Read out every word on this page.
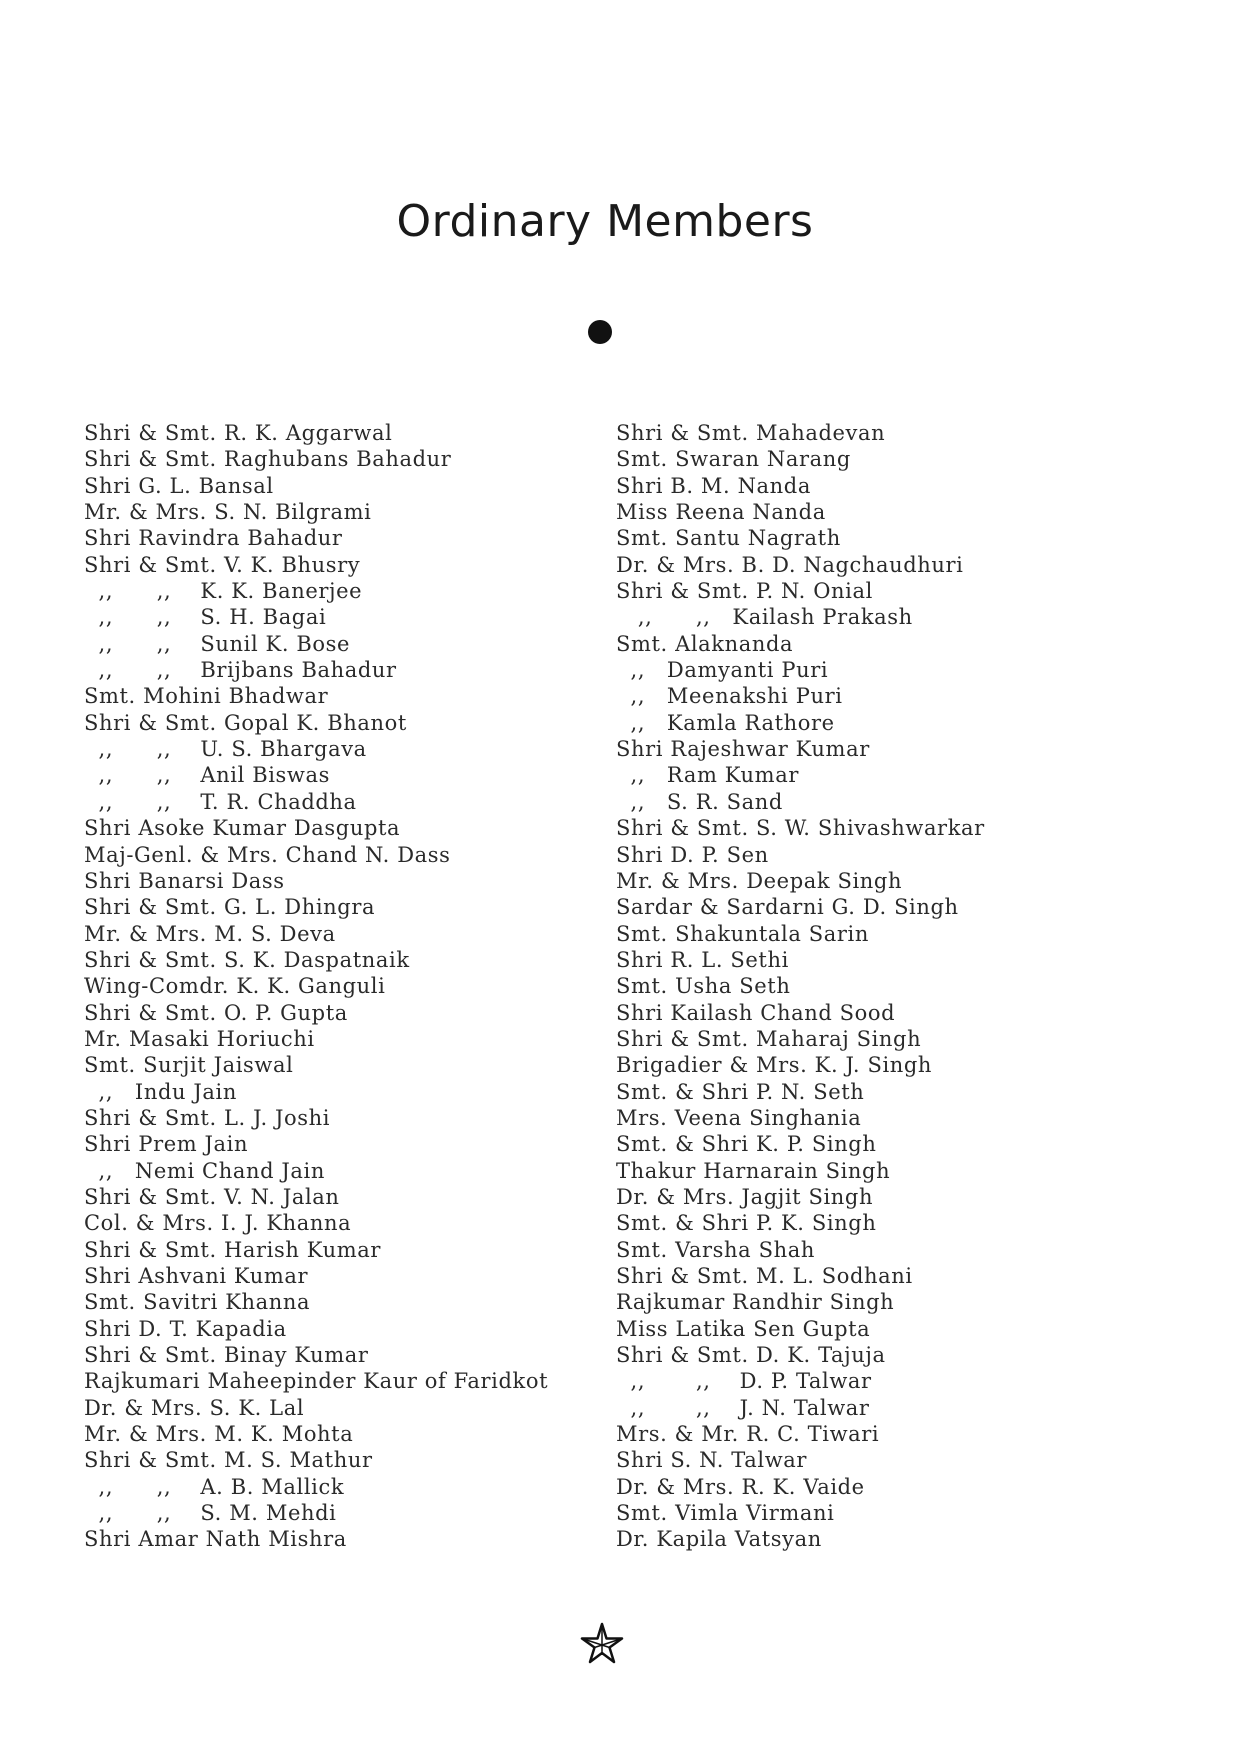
Ordinary Members
Shri & Smt. R. K. Aggarwal
Shri & Smt. Raghubans Bahadur
Shri G. L. Bansal
Mr. & Mrs. S. N. Bilgrami
Shri Ravindra Bahadur
Shri & Smt. V. K. Bhusry
,,      ,,    K. K. Banerjee
,,      ,,    S. H. Bagai
,,      ,,    Sunil K. Bose
,,      ,,    Brijbans Bahadur
Smt. Mohini Bhadwar
Shri & Smt. Gopal K. Bhanot
,,      ,,    U. S. Bhargava
,,      ,,    Anil Biswas
,,      ,,    T. R. Chaddha
Shri Asoke Kumar Dasgupta
Maj-Genl. & Mrs. Chand N. Dass
Shri Banarsi Dass
Shri & Smt. G. L. Dhingra
Mr. & Mrs. M. S. Deva
Shri & Smt. S. K. Daspatnaik
Wing-Comdr. K. K. Ganguli
Shri & Smt. O. P. Gupta
Mr. Masaki Horiuchi
Smt. Surjit Jaiswal
,,   Indu Jain
Shri & Smt. L. J. Joshi
Shri Prem Jain
,,   Nemi Chand Jain
Shri & Smt. V. N. Jalan
Col. & Mrs. I. J. Khanna
Shri & Smt. Harish Kumar
Shri Ashvani Kumar
Smt. Savitri Khanna
Shri D. T. Kapadia
Shri & Smt. Binay Kumar
Rajkumari Maheepinder Kaur of Faridkot
Dr. & Mrs. S. K. Lal
Mr. & Mrs. M. K. Mohta
Shri & Smt. M. S. Mathur
,,      ,,    A. B. Mallick
,,      ,,    S. M. Mehdi
Shri Amar Nath Mishra
Shri & Smt. Mahadevan
Smt. Swaran Narang
Shri B. M. Nanda
Miss Reena Nanda
Smt. Santu Nagrath
Dr. & Mrs. B. D. Nagchaudhuri
Shri & Smt. P. N. Onial
,,      ,,   Kailash Prakash
Smt. Alaknanda
,,   Damyanti Puri
,,   Meenakshi Puri
,,   Kamla Rathore
Shri Rajeshwar Kumar
,,   Ram Kumar
,,   S. R. Sand
Shri & Smt. S. W. Shivashwarkar
Shri D. P. Sen
Mr. & Mrs. Deepak Singh
Sardar & Sardarni G. D. Singh
Smt. Shakuntala Sarin
Shri R. L. Sethi
Smt. Usha Seth
Shri Kailash Chand Sood
Shri & Smt. Maharaj Singh
Brigadier & Mrs. K. J. Singh
Smt. & Shri P. N. Seth
Mrs. Veena Singhania
Smt. & Shri K. P. Singh
Thakur Harnarain Singh
Dr. & Mrs. Jagjit Singh
Smt. & Shri P. K. Singh
Smt. Varsha Shah
Shri & Smt. M. L. Sodhani
Rajkumar Randhir Singh
Miss Latika Sen Gupta
Shri & Smt. D. K. Tajuja
,,       ,,    D. P. Talwar
,,       ,,    J. N. Talwar
Mrs. & Mr. R. C. Tiwari
Shri S. N. Talwar
Dr. & Mrs. R. K. Vaide
Smt. Vimla Virmani
Dr. Kapila Vatsyan
